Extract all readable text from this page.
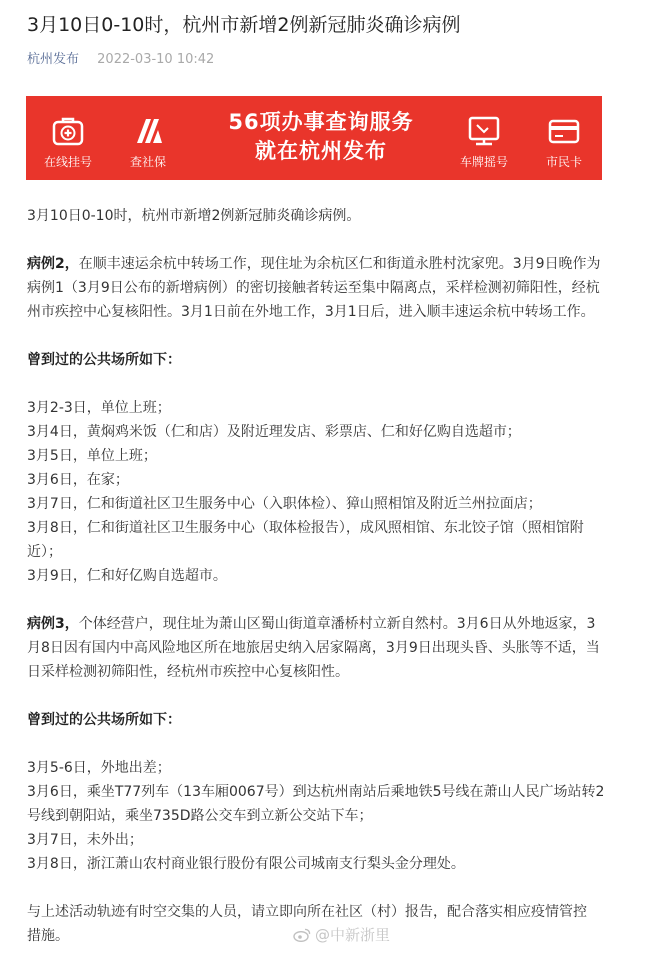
3月10日0-10时，杭州市新增2例新冠肺炎确诊病例
杭州发布 2022-03-10 10:42
在线挂号	查社保
56项办事查询服务
就在杭州发布	车牌摇号	市民卡

3月10日0-10时，杭州市新增2例新冠肺炎确诊病例。

病例2，在顺丰速运余杭中转场工作，现住址为余杭区仁和街道永胜村沈家兜。3月9日晚作为

病例1（3月9日公布的新增病例）的密切接触者转运至集中隔离点，采样检测初筛阳性，经杭

州市疾控中心复核阳性。3月1日前在外地工作，3月1日后，进入顺丰速运余杭中转场工作。

曾到过的公共场所如下：

3月2-3日，单位上班；

3月4日，黄焖鸡米饭（仁和店）及附近理发店、彩票店、仁和好亿购自选超市；

3月5日，单位上班；

3月6日，在家；

3月7日，仁和街道社区卫生服务中心（入职体检）、獐山照相馆及附近兰州拉面店；

3月8日，仁和街道社区卫生服务中心（取体检报告），成风照相馆、东北饺子馆（照相馆附

近）；

3月9日，仁和好亿购自选超市。

病例3，个体经营户，现住址为萧山区蜀山街道章潘桥村立新自然村。3月6日从外地返家，3

月8日因有国内中高风险地区所在地旅居史纳入居家隔离，3月9日出现头昏、头胀等不适，当

日采样检测初筛阳性，经杭州市疾控中心复核阳性。

曾到过的公共场所如下：

3月5-6日，外地出差；

3月6日，乘坐T77列车（13车厢0067号）到达杭州南站后乘地铁5号线在萧山人民广场站转2

号线到朝阳站，乘坐735D路公交车到立新公交站下车；

3月7日，未外出；

3月8日，浙江萧山农村商业银行股份有限公司城南支行梨头金分理处。

与上述活动轨迹有时空交集的人员，请立即向所在社区（村）报告，配合落实相应疫情管控

措施。	@中新浙里
